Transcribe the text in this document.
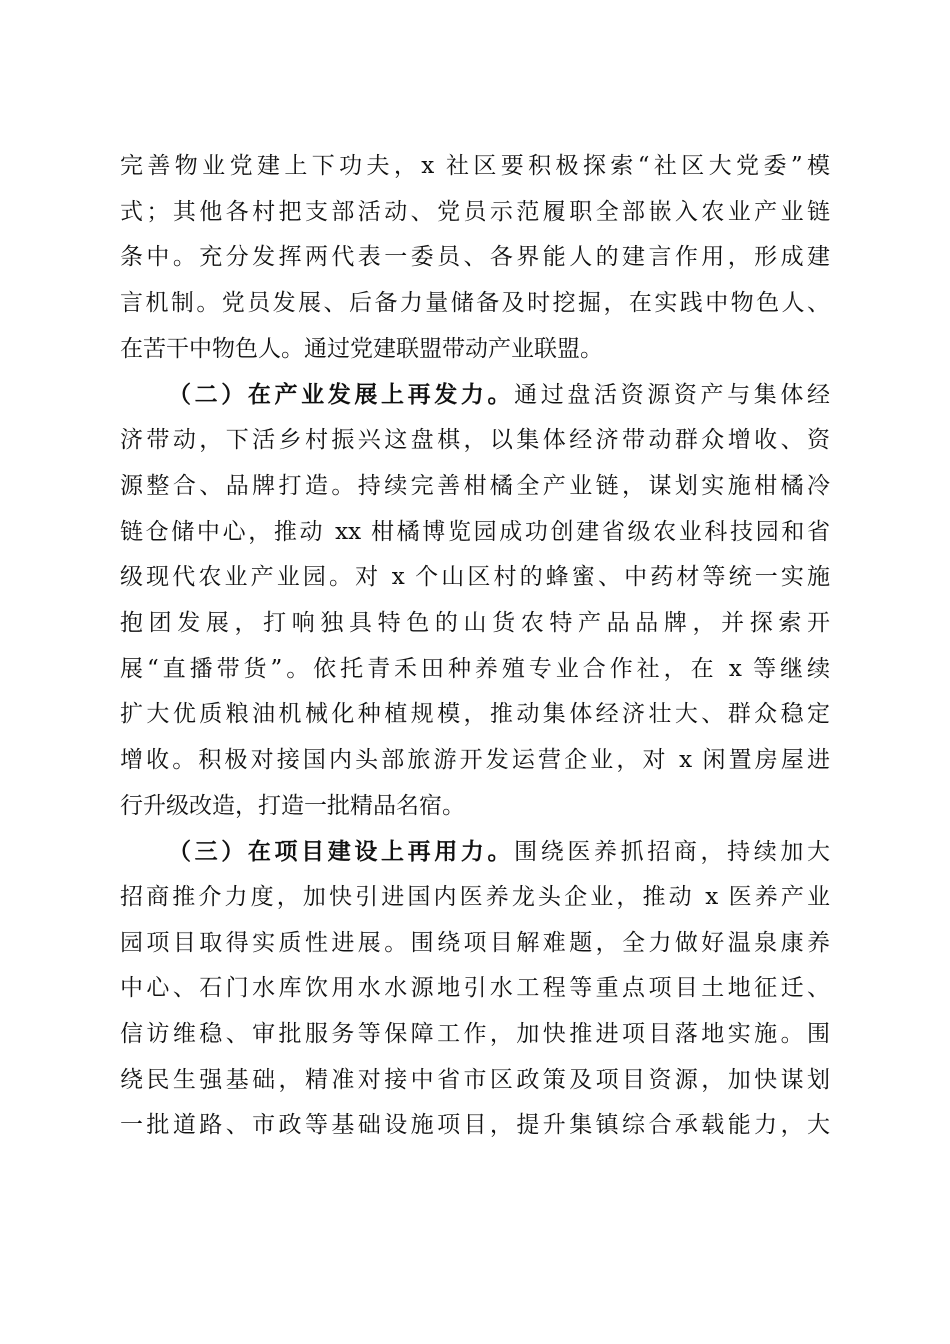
完善物业党建上下功夫，x 社区要积极探索“社区大党委”模
式；其他各村把支部活动、党员示范履职全部嵌入农业产业链
条中。充分发挥两代表一委员、各界能人的建言作用，形成建
言机制。党员发展、后备力量储备及时挖掘，在实践中物色人、
在苦干中物色人。通过党建联盟带动产业联盟。
（二）在产业发展上再发力。通过盘活资源资产与集体经
济带动，下活乡村振兴这盘棋，以集体经济带动群众增收、资
源整合、品牌打造。持续完善柑橘全产业链，谋划实施柑橘冷
链仓储中心，推动 xx 柑橘博览园成功创建省级农业科技园和省
级现代农业产业园。对 x 个山区村的蜂蜜、中药材等统一实施
抱团发展，打响独具特色的山货农特产品品牌，并探索开
展“直播带货”。依托青禾田种养殖专业合作社，在 x 等继续
扩大优质粮油机械化种植规模，推动集体经济壮大、群众稳定
增收。积极对接国内头部旅游开发运营企业，对 x 闲置房屋进
行升级改造，打造一批精品名宿。
（三）在项目建设上再用力。围绕医养抓招商，持续加大
招商推介力度，加快引进国内医养龙头企业，推动 x 医养产业
园项目取得实质性进展。围绕项目解难题，全力做好温泉康养
中心、石门水库饮用水水源地引水工程等重点项目土地征迁、
信访维稳、审批服务等保障工作，加快推进项目落地实施。围
绕民生强基础，精准对接中省市区政策及项目资源，加快谋划
一批道路、市政等基础设施项目，提升集镇综合承载能力，大
